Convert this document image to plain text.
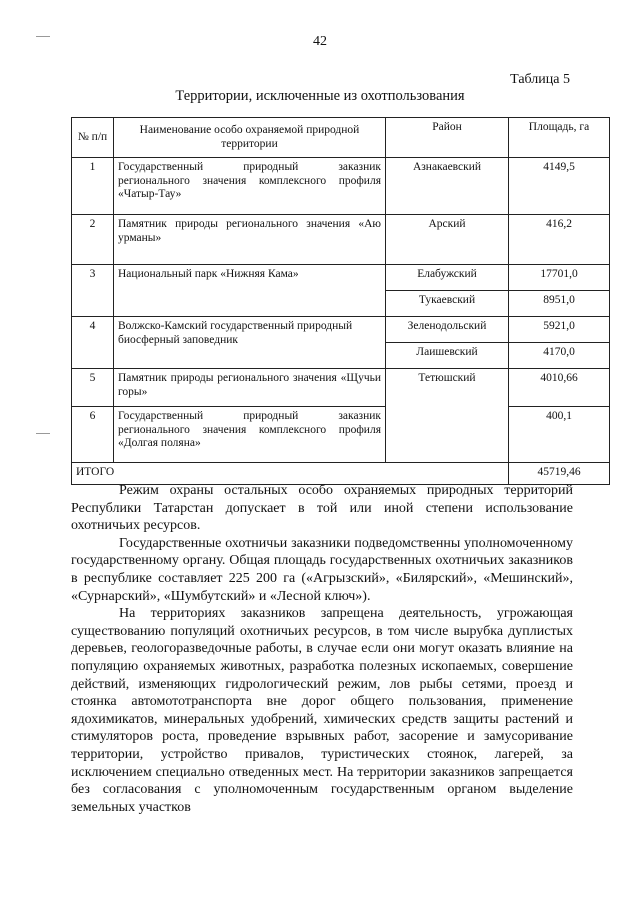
42
Таблица 5
Территории, исключенные из охотпользования
№ п/п	Наименование особо охраняемой природной территории	Район	Площадь, га
1	Государственный природный заказник регионального значения комплексного профиля «Чатыр-Тау»	Азнакаевский	4149,5
2	Памятник природы регионального значения «Аю урманы»	Арский	416,2
3	Национальный парк «Нижняя Кама»	Елабужский	17701,0
		Тукаевский	8951,0
4	Волжско-Камский государственный природный биосферный заповедник	Зеленодольский	5921,0
		Лаишевский	4170,0
5	Памятник природы регионального значения «Щучьи горы»	Тетюшский	4010,66
6	Государственный природный заказник регионального значения комплексного профиля «Долгая поляна»		400,1
ИТОГО			45719,46

Режим охраны остальных особо охраняемых природных территорий Республики Татарстан допускает в той или иной степени использование охотничьих ресурсов.

Государственные охотничьи заказники подведомственны уполномоченному государственному органу. Общая площадь государственных охотничьих заказников в республике составляет 225 200 га («Агрызский», «Билярский», «Мешинский», «Сурнарский», «Шумбутский» и «Лесной ключ»).

На территориях заказников запрещена деятельность, угрожающая существованию популяций охотничьих ресурсов, в том числе вырубка дуплистых деревьев, геологоразведочные работы, в случае если они могут оказать влияние на популяцию охраняемых животных, разработка полезных ископаемых, совершение действий, изменяющих гидрологический режим, лов рыбы сетями, проезд и стоянка автомототранспорта вне дорог общего пользования, применение ядохимикатов, минеральных удобрений, химических средств защиты растений и стимуляторов роста, проведение взрывных работ, засорение и замусоривание территории, устройство привалов, туристических стоянок, лагерей, за исключением специально отведенных мест. На территории заказников запрещается без согласования с уполномоченным государственным органом выделение земельных участков
